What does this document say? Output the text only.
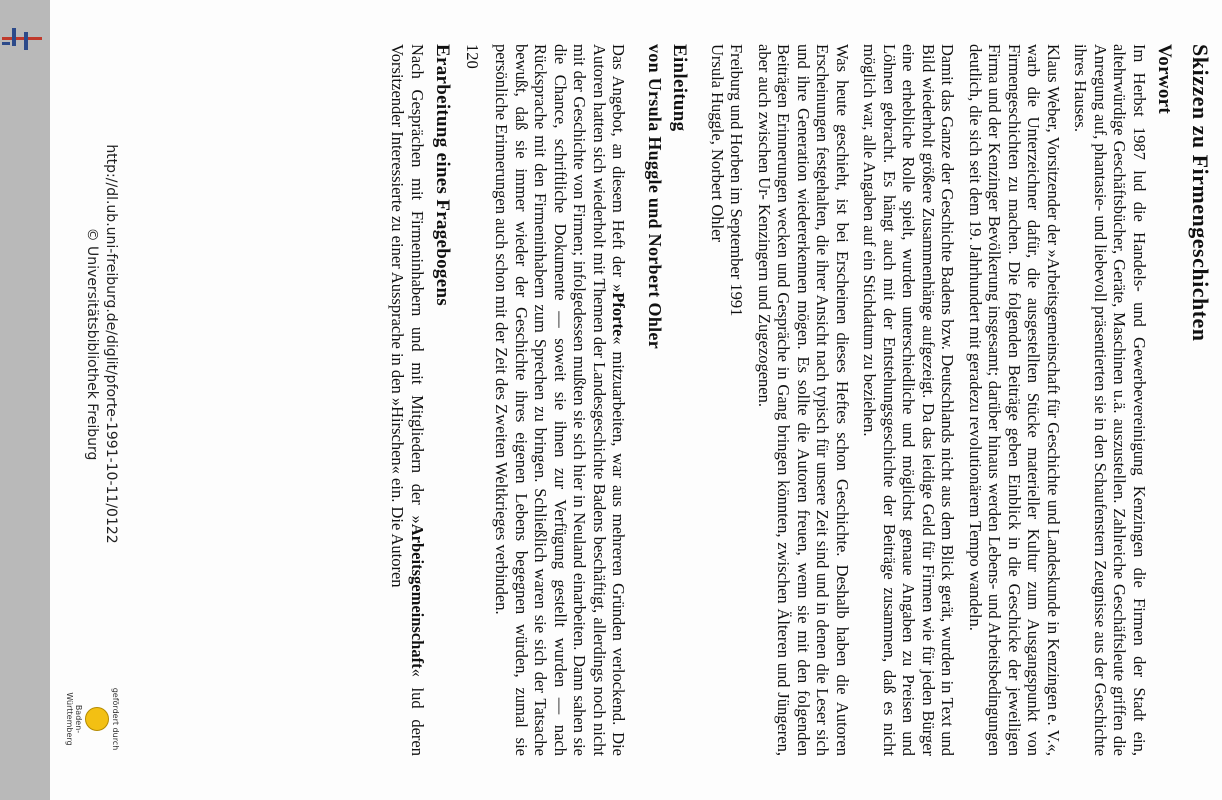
Skizzen zu Firmengeschichten
Vorwort

Im Herbst 1987 lud die Handels- und Gewerbevereinigung Kenzingen die Firmen der Stadt ein, altehrwürdige Geschäftsbücher, Geräte, Maschinen u.ä. auszustellen. Zahlreiche Geschäftsleute griffen die Anregung auf, phantasie- und liebevoll präsentierten sie in den Schaufenstern Zeugnisse aus der Geschichte ihres Hauses.

Klaus Weber, Vorsitzender der »Arbeitsgemeinschaft für Geschichte und Landeskunde in Kenzingen e. V.«, warb die Unterzeichner dafür, die ausgestellten Stücke materieller Kultur zum Ausgangspunkt von Firmengeschichten zu machen. Die folgenden Beiträge geben Einblick in die Geschicke der jeweiligen Firma und der Kenzinger Bevölkerung insgesamt; darüber hinaus werden Lebens- und Arbeitsbedingungen deutlich, die sich seit dem 19. Jahrhundert mit geradezu revolutionärem Tempo wandeln.

Damit das Ganze der Geschichte Badens bzw. Deutschlands nicht aus dem Blick gerät, wurden in Text und Bild wiederholt größere Zusammenhänge aufgezeigt. Da das leidige Geld für Firmen wie für jeden Bürger eine erhebliche Rolle spielt, wurden unterschiedliche und möglichst genaue Angaben zu Preisen und Löhnen gebracht. Es hängt auch mit der Entstehungsgeschichte der Beiträge zusammen, daß es nicht möglich war, alle Angaben auf ein Stichdatum zu beziehen.

Was heute geschieht, ist bei Erscheinen dieses Heftes schon Geschichte. Deshalb haben die Autoren Erscheinungen festgehalten, die ihrer Ansicht nach typisch für unsere Zeit sind und in denen die Leser sich und ihre Generation wiedererkennen mögen. Es sollte die Autoren freuen, wenn sie mit den folgenden Beiträgen Erinnerungen wecken und Gespräche in Gang bringen könnten, zwischen Älteren und Jüngeren, aber auch zwischen Ur- Kenzingern und Zugezogenen.

Freiburg und Horben im September 1991
Ursula Huggle, Norbert Ohler
Einleitung
von Ursula Huggle und Norbert Ohler

Das Angebot, an diesem Heft der »Pforte« mitzuarbeiten, war aus mehreren Gründen verlockend. Die Autoren hatten sich wiederholt mit Themen der Landesgeschichte Badens beschäftigt, allerdings noch nicht mit der Geschichte von Firmen; infolgedessen mußten sie sich hier in Neuland einarbeiten. Dann sahen sie die Chance, schriftliche Dokumente — soweit sie ihnen zur Verfügung gestellt wurden — nach Rücksprache mit den Firmeninhabern zum Sprechen zu bringen. Schließlich waren sie sich der Tatsache bewußt, daß sie immer wieder der Geschichte ihres eigenen Lebens begegnen würden, zumal sie persönliche Erinnerungen auch schon mit der Zeit des Zweiten Weltkrieges verbinden.

120
Erarbeitung eines Fragebogens

Nach Gesprächen mit Firmeninhabern und mit Mitgliedern der »Arbeitsgemeinschaft« lud deren Vorsitzender Interessierte zu einer Aussprache in den »Hirschen« ein. Die Autoren

http://dl.ub.uni-freiburg.de/diglit/pforte-1991-10-11/0122
© Universitätsbibliothek Freiburg
gefördert durch
Baden-Württemberg
